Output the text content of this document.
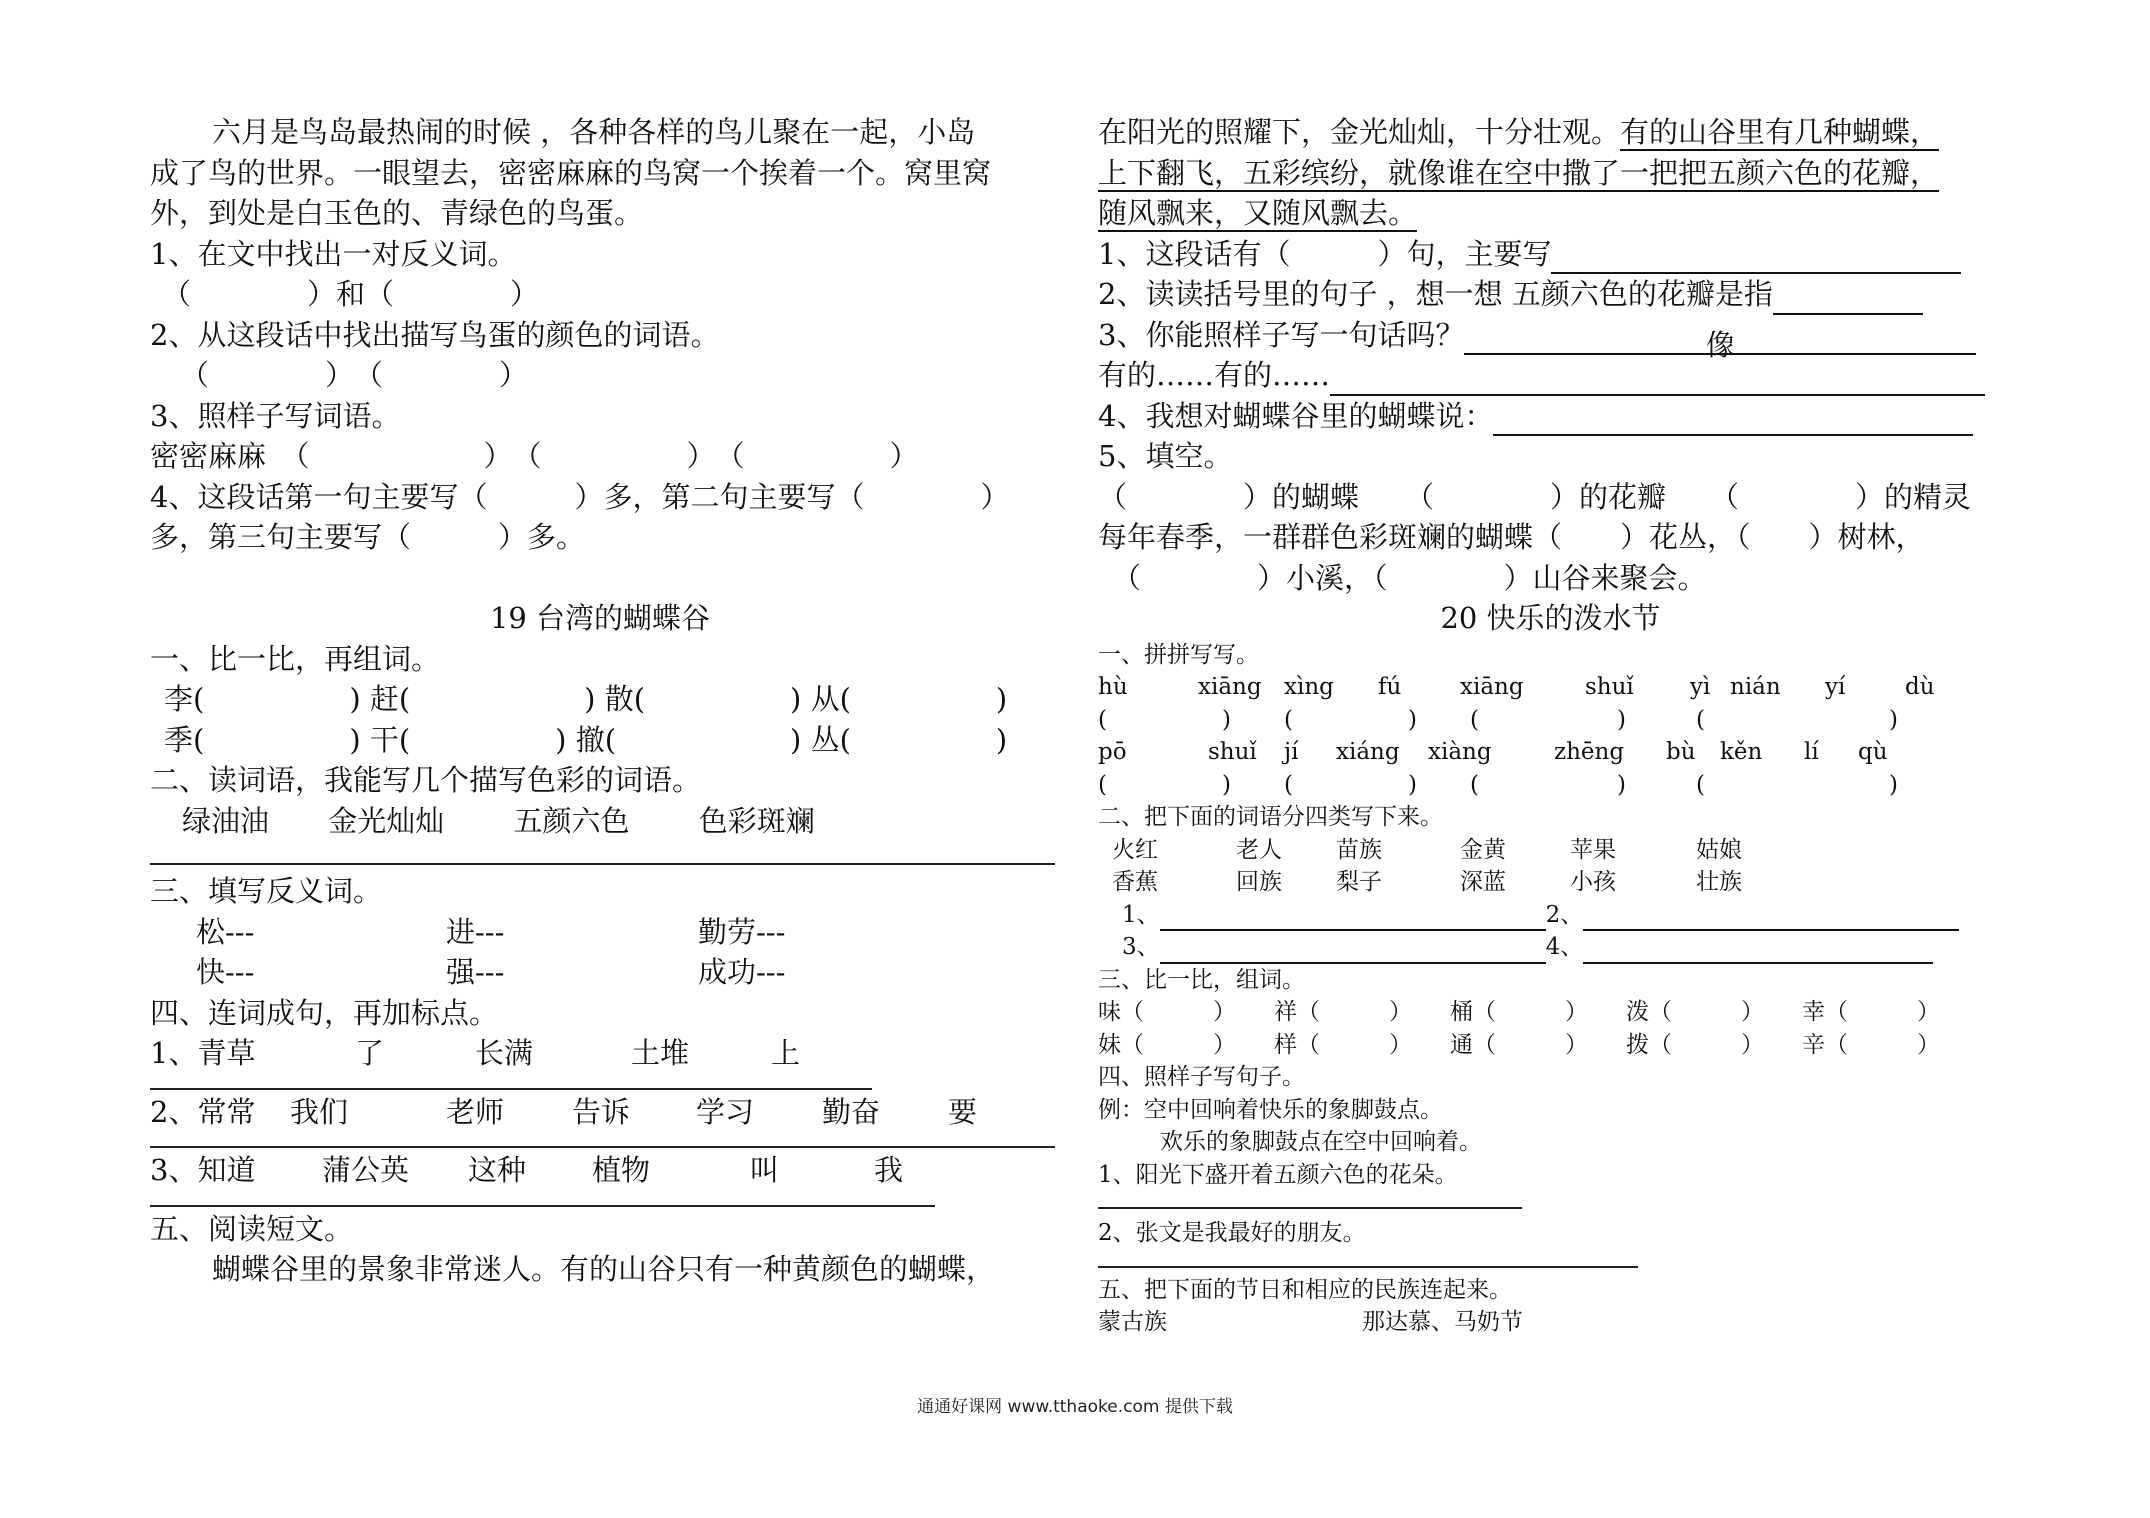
六月是鸟岛最热闹的时候 ，各种各样的鸟儿聚在一起，小岛
成了鸟的世界。一眼望去，密密麻麻的鸟窝一个挨着一个。窝里窝
外，到处是白玉色的、青绿色的鸟蛋。
1、在文中找出一对反义词。
（　　　　）和（　　　　）
2、从这段话中找出描写鸟蛋的颜色的词语。
（　　　　）　（　　　　）
3、照样子写词语。
密密麻麻　（　　　　　　）　（　　　　　）　（　　　　　）
4、这段话第一句主要写（　　　）多，第二句主要写（　　　　）
多，第三句主要写（　　　）多。
19 台湾的蝴蝶谷
一、比一比，再组词。
李(　　　　　) 赶(　　　　　　) 散(　　　　　) 从(　　　　　)
季(　　　　　) 干(　　　　　) 撤(　　　　　　) 丛(　　　　　)
二、读词语，我能写几个描写色彩的词语。
绿油油 金光灿灿 五颜六色 色彩斑斓
三、填写反义词。
松---	进---	勤劳---
快---	强---	成功---
四、连词成句，再加标点。
1、青草	了	长满	土堆	上
2、常常 我们	老师 告诉 学习 勤奋 要
3、知道 蒲公英 这种 植物	叫	我
五、阅读短文。
蝴蝶谷里的景象非常迷人。有的山谷只有一种黄颜色的蝴蝶，
在阳光的照耀下，金光灿灿，十分壮观。有的山谷里有几种蝴蝶，
上下翻飞，五彩缤纷，就像谁在空中撒了一把把五颜六色的花瓣，
随风飘来，又随风飘去。
1、这段话有（　　　）句，主要写
2、读读括号里的句子 ，想一想 五颜六色的花瓣是指
3、你能照样子写一句话吗？	像
有的……有的……
4、我想对蝴蝶谷里的蝴蝶说：
5、填空。
（　　　　）的蝴蝶 （　　　　）的花瓣 （　　　　）的精灵
每年春季，一群群色彩斑斓的蝴蝶（　　）花丛，（　　）树林，
（　　　　）小溪，（　　　　）山谷来聚会。
20 快乐的泼水节
一、拼拼写写。
hù	xiāng xìng fú	xiāng	shuǐ yì nián yí	dù
(　　　　　) (　　　　　) (　　　　　　)	(　　　　　　　　)
pō	shuǐ jí xiáng xiàng	zhēng bù kěn lí qù
(　　　　　) (　　　　　) (　　　　　　)	(　　　　　　　　)
二、把下面的词语分四类写下来。
火红	老人 苗族	金黄	苹果	姑娘
香蕉	回族 梨子	深蓝	小孩	壮族
1、	2、
3、	4、
三、比一比，组词。
味（　　　） 祥（　　　） 桶（　　　） 泼（　　　） 幸（　　　）
妹（　　　） 样（　　　） 通（　　　） 拨（　　　） 辛（　　　）
四、照样子写句子。
例：空中回响着快乐的象脚鼓点。
欢乐的象脚鼓点在空中回响着。
1、阳光下盛开着五颜六色的花朵。
2、张文是我最好的朋友。
五、把下面的节日和相应的民族连起来。
蒙古族	那达慕、马奶节
通通好课网 www.tthaoke.com 提供下载
